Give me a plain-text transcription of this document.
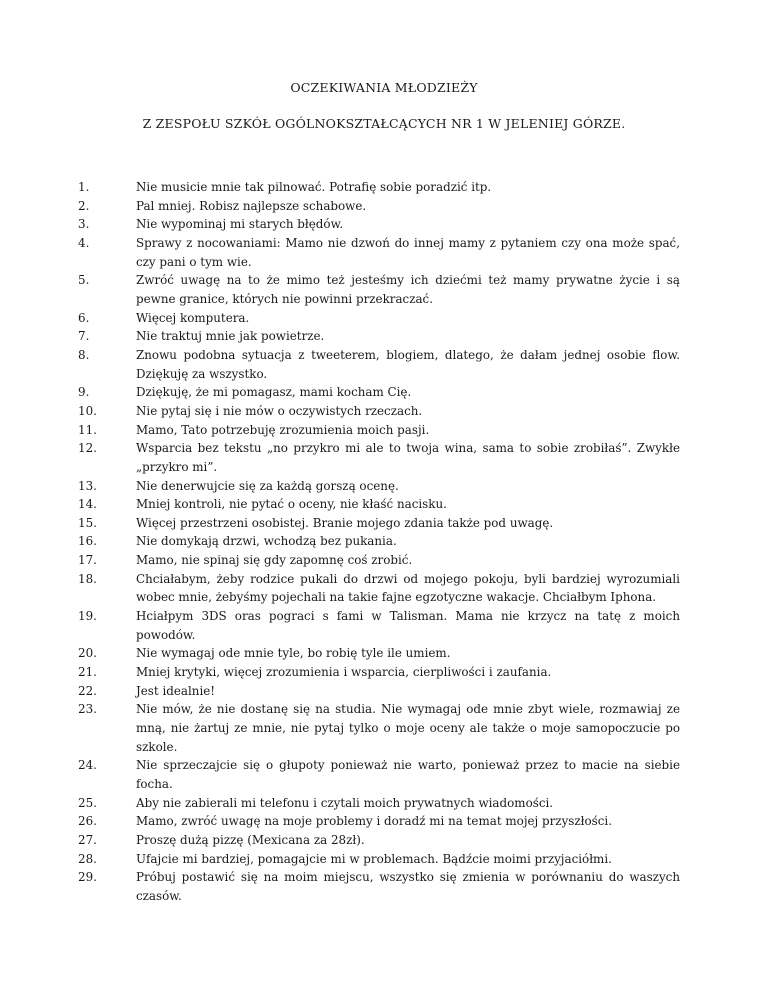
OCZEKIWANIA MŁODZIEŻY
Z ZESPOŁU SZKÓŁ OGÓLNOKSZTAŁCĄCYCH NR 1 W JELENIEJ GÓRZE.
1.	Nie musicie mnie tak pilnować. Potrafię sobie poradzić itp.
2.	Pal mniej. Robisz najlepsze schabowe.
3.	Nie wypominaj mi starych błędów.
4.	Sprawy z nocowaniami: Mamo nie dzwoń do innej mamy z pytaniem czy ona może spać, czy pani o tym wie.
5.	Zwróć uwagę na to że mimo też jesteśmy ich dziećmi też mamy prywatne życie i są pewne granice, których nie powinni przekraczać.
6.	Więcej komputera.
7.	Nie traktuj mnie jak powietrze.
8.	Znowu podobna sytuacja z tweeterem, blogiem, dlatego, że dałam jednej osobie flow. Dziękuję za wszystko.
9.	Dziękuję, że mi pomagasz, mami kocham Cię.
10.	Nie pytaj się i nie mów o oczywistych rzeczach.
11.	Mamo, Tato potrzebuję zrozumienia moich pasji.
12.	Wsparcia bez tekstu „no przykro mi ale to twoja wina, sama to sobie zrobiłaś”. Zwykłe „przykro mi”.
13.	Nie denerwujcie się za każdą gorszą ocenę.
14.	Mniej kontroli, nie pytać o oceny, nie kłaść nacisku.
15.	Więcej przestrzeni osobistej. Branie mojego zdania także pod uwagę.
16.	Nie domykają drzwi, wchodzą bez pukania.
17.	Mamo, nie spinaj się gdy zapomnę coś zrobić.
18.	Chciałabym, żeby rodzice pukali do drzwi od mojego pokoju, byli bardziej wyrozumiali wobec mnie, żebyśmy pojechali na takie fajne egzotyczne wakacje. Chciałbym Iphona.
19.	Hciałpym 3DS oras pograci s fami w Talisman. Mama nie krzycz na tatę z moich powodów.
20.	Nie wymagaj ode mnie tyle, bo robię tyle ile umiem.
21.	Mniej krytyki, więcej zrozumienia i wsparcia, cierpliwości i zaufania.
22.	Jest idealnie!
23.	Nie mów, że nie dostanę się na studia. Nie wymagaj ode mnie zbyt wiele, rozmawiaj ze mną, nie żartuj ze mnie, nie pytaj tylko o moje oceny ale także o moje samopoczucie po szkole.
24.	Nie sprzeczajcie się o głupoty ponieważ nie warto, ponieważ przez to macie na siebie focha.
25.	Aby nie zabierali mi telefonu i czytali moich prywatnych wiadomości.
26.	Mamo, zwróć uwagę na moje problemy i doradź mi na temat mojej przyszłości.
27.	Proszę dużą pizzę (Mexicana za 28zł).
28.	Ufajcie mi bardziej, pomagajcie mi w problemach. Bądźcie moimi przyjaciółmi.
29.	Próbuj postawić się na moim miejscu, wszystko się zmienia w porównaniu do waszych czasów.
